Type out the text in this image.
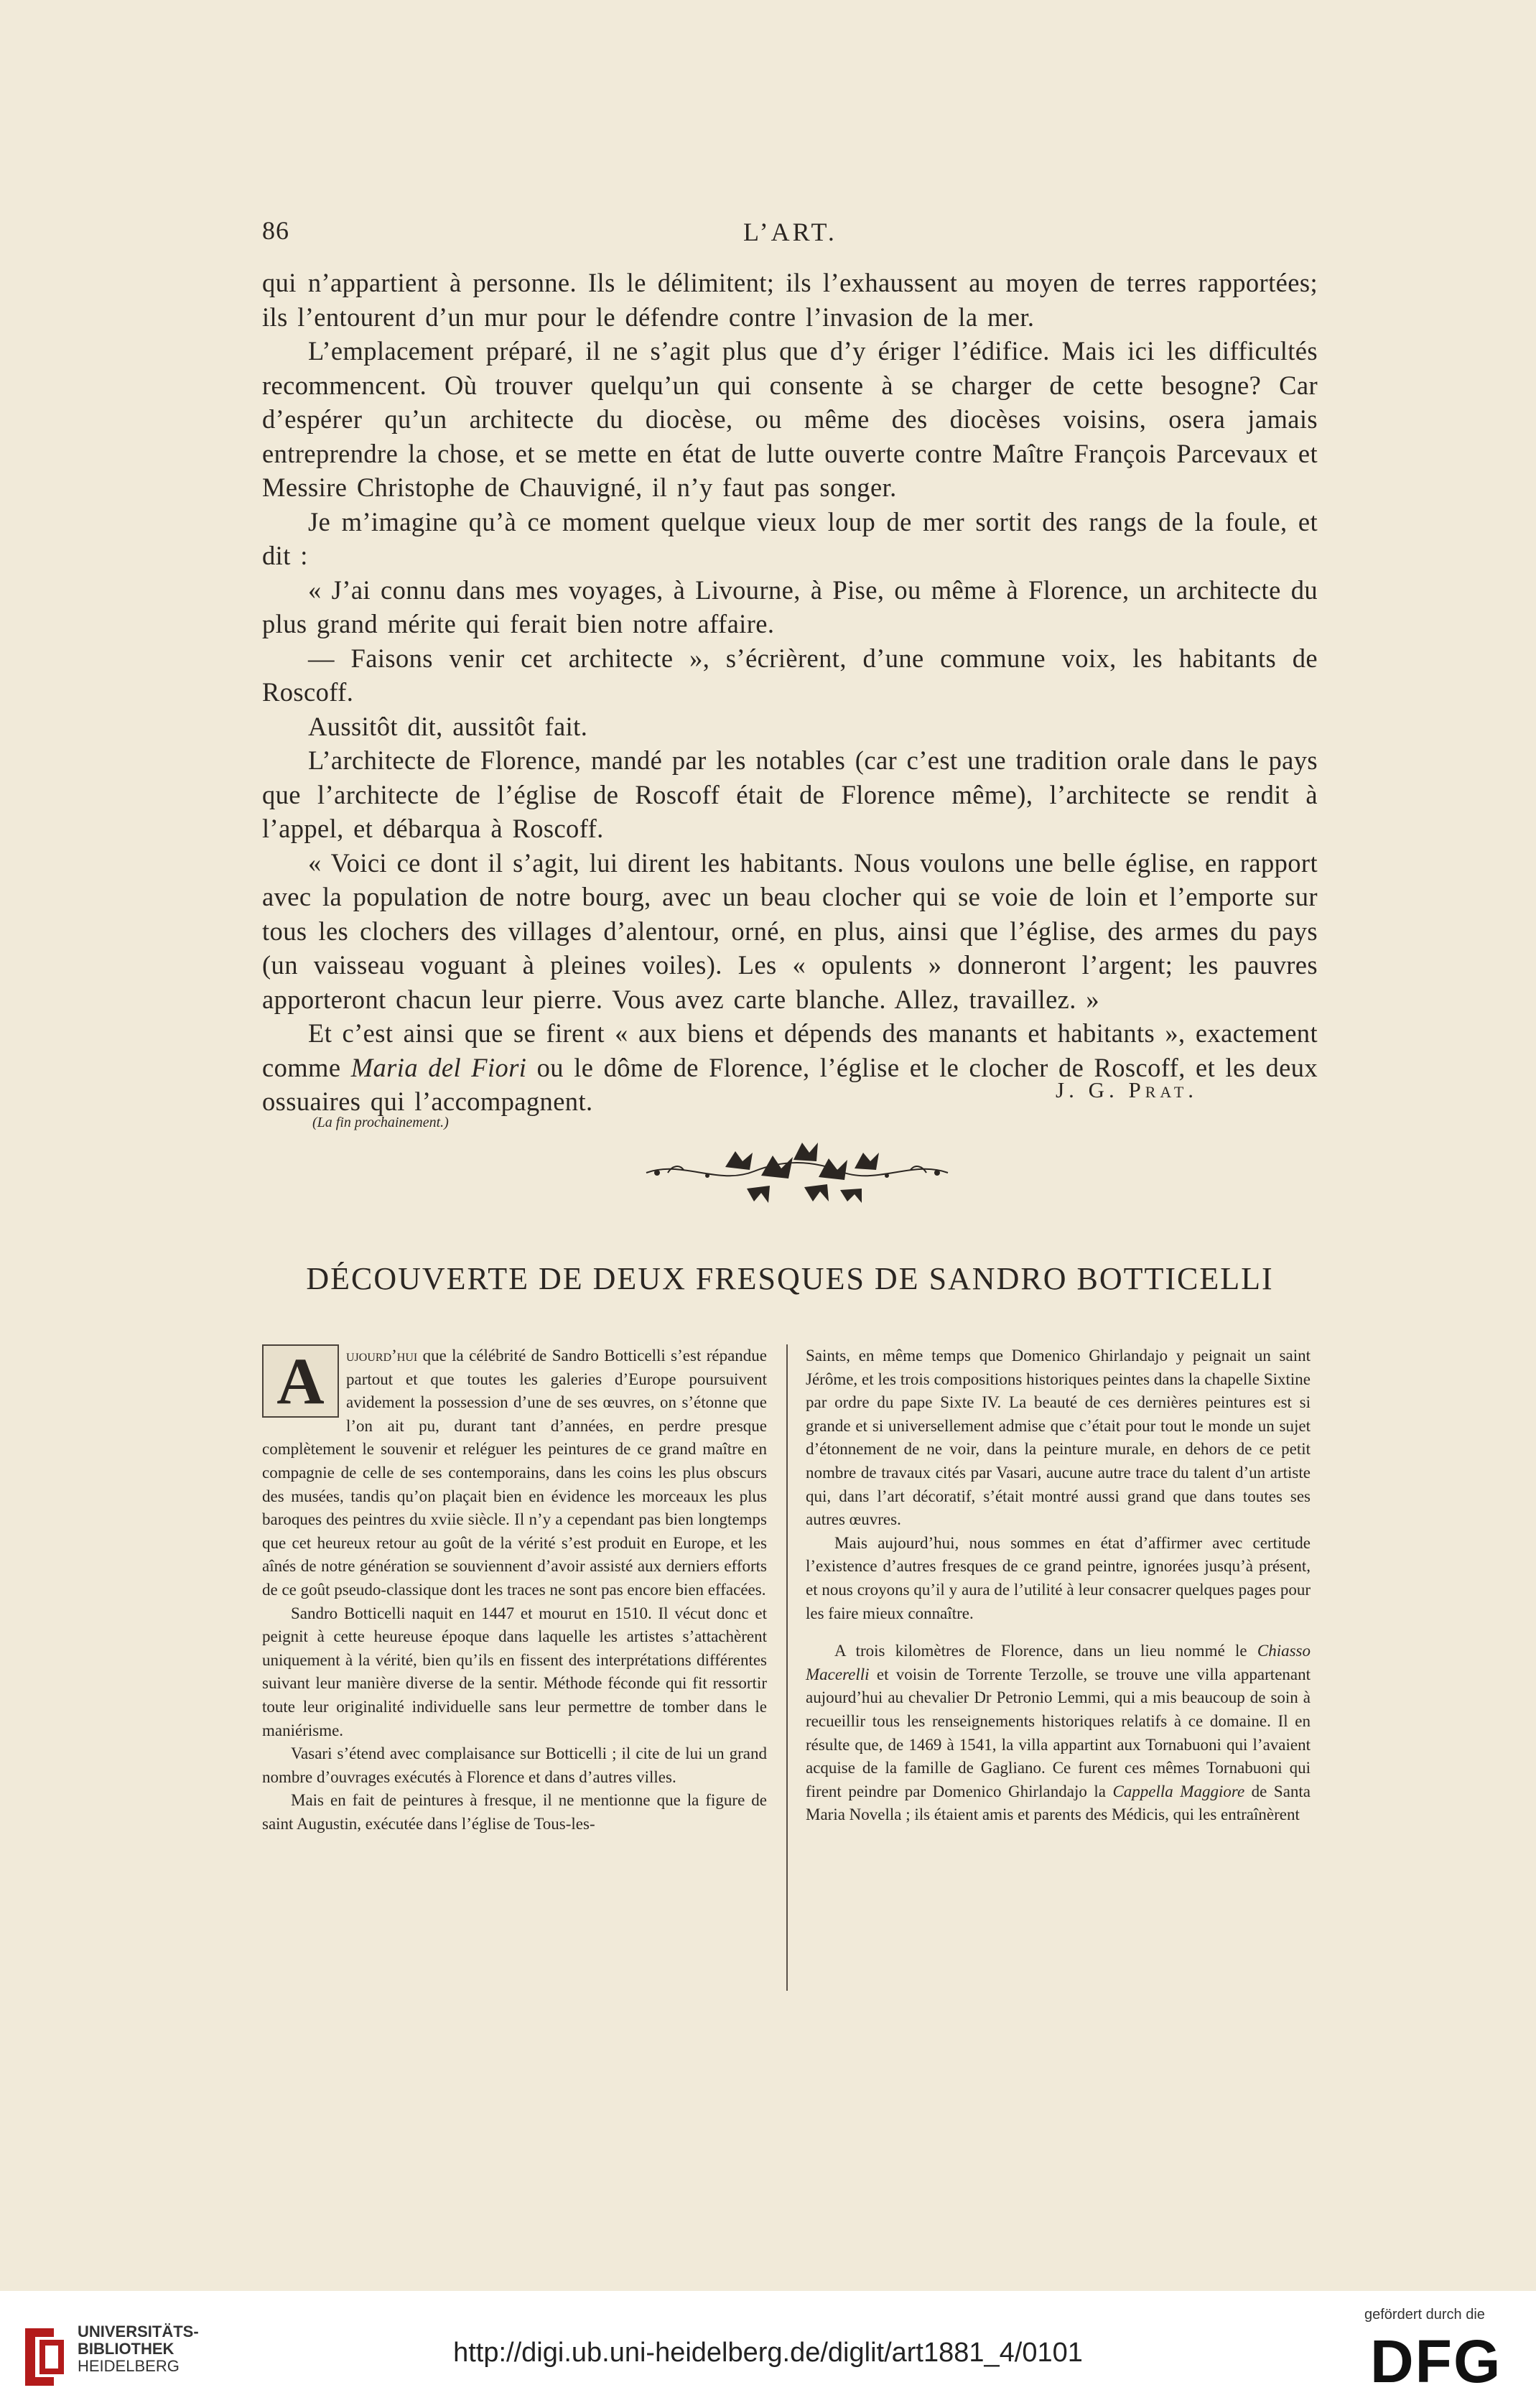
86	L’ART.

qui n’appartient à personne. Ils le délimitent; ils l’exhaussent au moyen de terres rapportées; ils l’entourent d’un mur pour le défendre contre l’invasion de la mer.

L’emplacement préparé, il ne s’agit plus que d’y ériger l’édifice. Mais ici les difficultés recommencent. Où trouver quelqu’un qui consente à se charger de cette besogne? Car d’espérer qu’un architecte du diocèse, ou même des diocèses voisins, osera jamais entreprendre la chose, et se mette en état de lutte ouverte contre Maître François Parcevaux et Messire Christophe de Chauvigné, il n’y faut pas songer.

Je m’imagine qu’à ce moment quelque vieux loup de mer sortit des rangs de la foule, et dit :

« J’ai connu dans mes voyages, à Livourne, à Pise, ou même à Florence, un architecte du plus grand mérite qui ferait bien notre affaire.

— Faisons venir cet architecte », s’écrièrent, d’une commune voix, les habitants de Roscoff.

Aussitôt dit, aussitôt fait.

L’architecte de Florence, mandé par les notables (car c’est une tradition orale dans le pays que l’architecte de l’église de Roscoff était de Florence même), l’architecte se rendit à l’appel, et débarqua à Roscoff.

« Voici ce dont il s’agit, lui dirent les habitants. Nous voulons une belle église, en rapport avec la population de notre bourg, avec un beau clocher qui se voie de loin et l’emporte sur tous les clochers des villages d’alentour, orné, en plus, ainsi que l’église, des armes du pays (un vaisseau voguant à pleines voiles). Les « opulents » donneront l’argent; les pauvres apporteront chacun leur pierre. Vous avez carte blanche. Allez, travaillez. »

Et c’est ainsi que se firent « aux biens et dépends des manants et habitants », exactement comme Maria del Fiori ou le dôme de Florence, l’église et le clocher de Roscoff, et les deux ossuaires qui l’accompagnent.	J. G. Prat.
(La fin prochainement.)
DÉCOUVERTE DE DEUX FRESQUES DE SANDRO BOTTICELLI

A	ujourd’hui que la célébrité de Sandro Botticelli s’est répandue partout et que toutes les galeries d’Europe poursuivent avidement la possession d’une de ses œuvres, on s’étonne que l’on ait pu, durant tant d’années, en perdre presque complètement le souvenir et reléguer les peintures de ce grand maître en compagnie de celle de ses contemporains, dans les coins les plus obscurs des musées, tandis qu’on plaçait bien en évidence les morceaux les plus baroques des peintres du xviie siècle. Il n’y a cependant pas bien longtemps que cet heureux retour au goût de la vérité s’est produit en Europe, et les aînés de notre génération se souviennent d’avoir assisté aux derniers efforts de ce goût pseudo-classique dont les traces ne sont pas encore bien effacées.

Sandro Botticelli naquit en 1447 et mourut en 1510. Il vécut donc et peignit à cette heureuse époque dans laquelle les artistes s’attachèrent uniquement à la vérité, bien qu’ils en fissent des interprétations différentes suivant leur manière diverse de la sentir. Méthode féconde qui fit ressortir toute leur originalité individuelle sans leur permettre de tomber dans le maniérisme.

Vasari s’étend avec complaisance sur Botticelli ; il cite de lui un grand nombre d’ouvrages exécutés à Florence et dans d’autres villes.

Mais en fait de peintures à fresque, il ne mentionne que la figure de saint Augustin, exécutée dans l’église de Tous-les-

Saints, en même temps que Domenico Ghirlandajo y peignait un saint Jérôme, et les trois compositions historiques peintes dans la chapelle Sixtine par ordre du pape Sixte IV. La beauté de ces dernières peintures est si grande et si universellement admise que c’était pour tout le monde un sujet d’étonnement de ne voir, dans la peinture murale, en dehors de ce petit nombre de travaux cités par Vasari, aucune autre trace du talent d’un artiste qui, dans l’art décoratif, s’était montré aussi grand que dans toutes ses autres œuvres.

Mais aujourd’hui, nous sommes en état d’affirmer avec certitude l’existence d’autres fresques de ce grand peintre, ignorées jusqu’à présent, et nous croyons qu’il y aura de l’utilité à leur consacrer quelques pages pour les faire mieux connaître.

A trois kilomètres de Florence, dans un lieu nommé le Chiasso Macerelli et voisin de Torrente Terzolle, se trouve une villa appartenant aujourd’hui au chevalier Dr Petronio Lemmi, qui a mis beaucoup de soin à recueillir tous les renseignements historiques relatifs à ce domaine. Il en résulte que, de 1469 à 1541, la villa appartint aux Tornabuoni qui l’avaient acquise de la famille de Gagliano. Ce furent ces mêmes Tornabuoni qui firent peindre par Domenico Ghirlandajo la Cappella Maggiore de Santa Maria Novella ; ils étaient amis et parents des Médicis, qui les entraînèrent

UNIVERSITÄTS-
BIBLIOTHEK
HEIDELBERG	http://digi.ub.uni-heidelberg.de/diglit/art1881_4/0101
gefördert durch die
DFG
